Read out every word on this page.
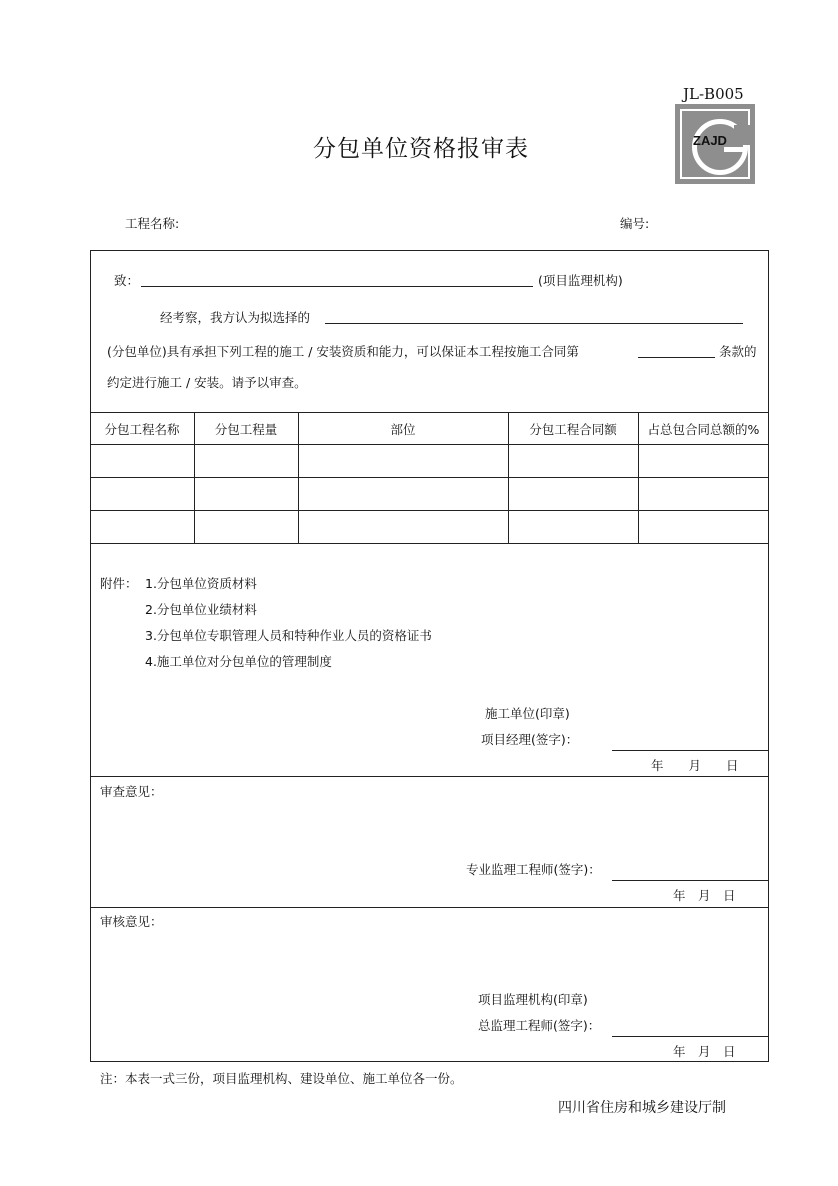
JL-B005
ZAJD
分包单位资格报审表
工程名称:	编号:
致：	(项目监理机构)
经考察，我方认为拟选择的
(分包单位)具有承担下列工程的施工 / 安装资质和能力，可以保证本工程按施工合同第	条款的
约定进行施工 / 安装。请予以审查。
分包工程名称	分包工程量	部位	分包工程合同额	占总包合同总额的%
附件： 1.分包单位资质材料
2.分包单位业绩材料
3.分包单位专职管理人员和特种作业人员的资格证书
4.施工单位对分包单位的管理制度
施工单位(印章)
项目经理(签字)：
年　　月　　日
审查意见：
专业监理工程师(签字)：
年　月　日
审核意见：
项目监理机构(印章)
总监理工程师(签字)：
年　月　日
注：本表一式三份，项目监理机构、建设单位、施工单位各一份。
四川省住房和城乡建设厅制
